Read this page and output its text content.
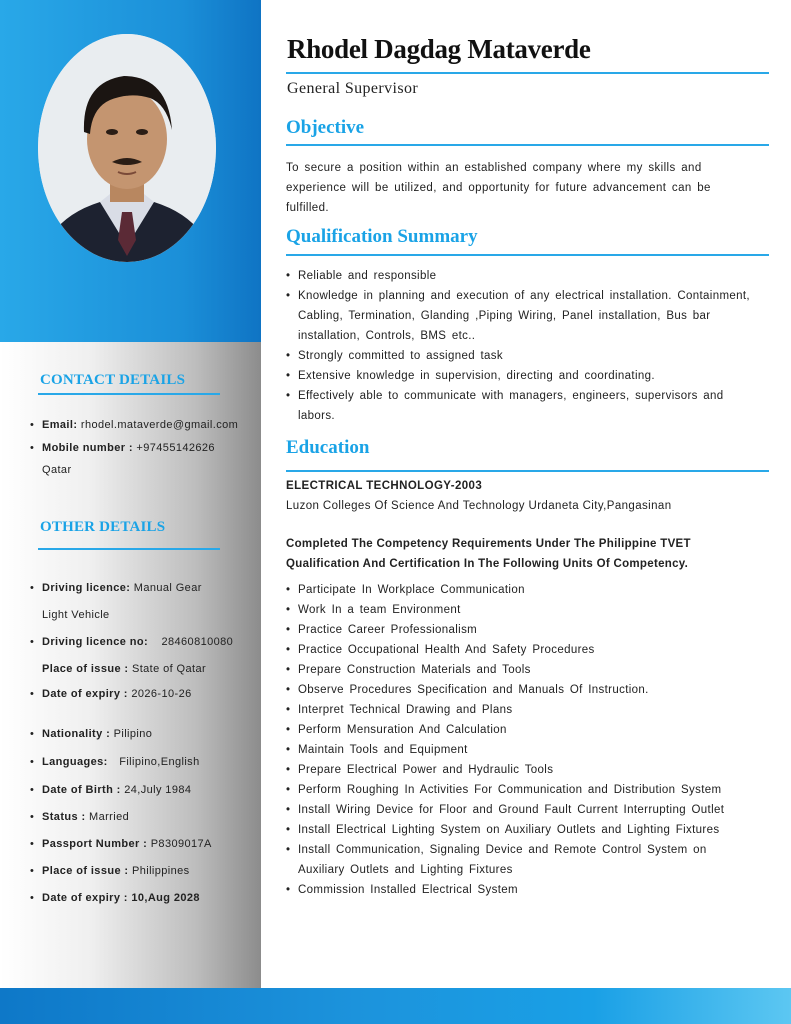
CONTACT DETAILS
• Email: rhodel.mataverde@gmail.com
• Mobile number : +97455142626
Qatar
OTHER DETAILS
• Driving licence: Manual Gear
Light Vehicle
• Driving licence no: 28460810080
Place of issue : State of Qatar
• Date of expiry : 2026-10-26
• Nationality : Pilipino
• Languages: Filipino,English
• Date of Birth : 24,July 1984
• Status : Married
• Passport Number : P8309017A
• Place of issue : Philippines
• Date of expiry : 10,Aug 2028
Rhodel Dagdag Mataverde
General Supervisor
Objective
To secure a position within an established company where my skills and experience will be utilized, and opportunity for future advancement can be fulfilled.
Qualification Summary
• Reliable and responsible
• Knowledge in planning and execution of any electrical installation. Containment, Cabling, Termination, Glanding ,Piping Wiring, Panel installation, Bus bar installation, Controls, BMS etc..
• Strongly committed to assigned task
• Extensive knowledge in supervision, directing and coordinating.
• Effectively able to communicate with managers, engineers, supervisors and labors.
Education
ELECTRICAL TECHNOLOGY-2003
Luzon Colleges Of Science And Technology Urdaneta City,Pangasinan
Completed The Competency Requirements Under The Philippine TVET Qualification And Certification In The Following Units Of Competency.
• Participate In Workplace Communication
• Work In a team Environment
• Practice Career Professionalism
• Practice Occupational Health And Safety Procedures
• Prepare Construction Materials and Tools
• Observe Procedures Specification and Manuals Of Instruction.
• Interpret Technical Drawing and Plans
• Perform Mensuration And Calculation
• Maintain Tools and Equipment
• Prepare Electrical Power and Hydraulic Tools
• Perform Roughing In Activities For Communication and Distribution System
• Install Wiring Device for Floor and Ground Fault Current Interrupting Outlet
• Install Electrical Lighting System on Auxiliary Outlets and Lighting Fixtures
• Install Communication, Signaling Device and Remote Control System on Auxiliary Outlets and Lighting Fixtures
• Commission Installed Electrical System
